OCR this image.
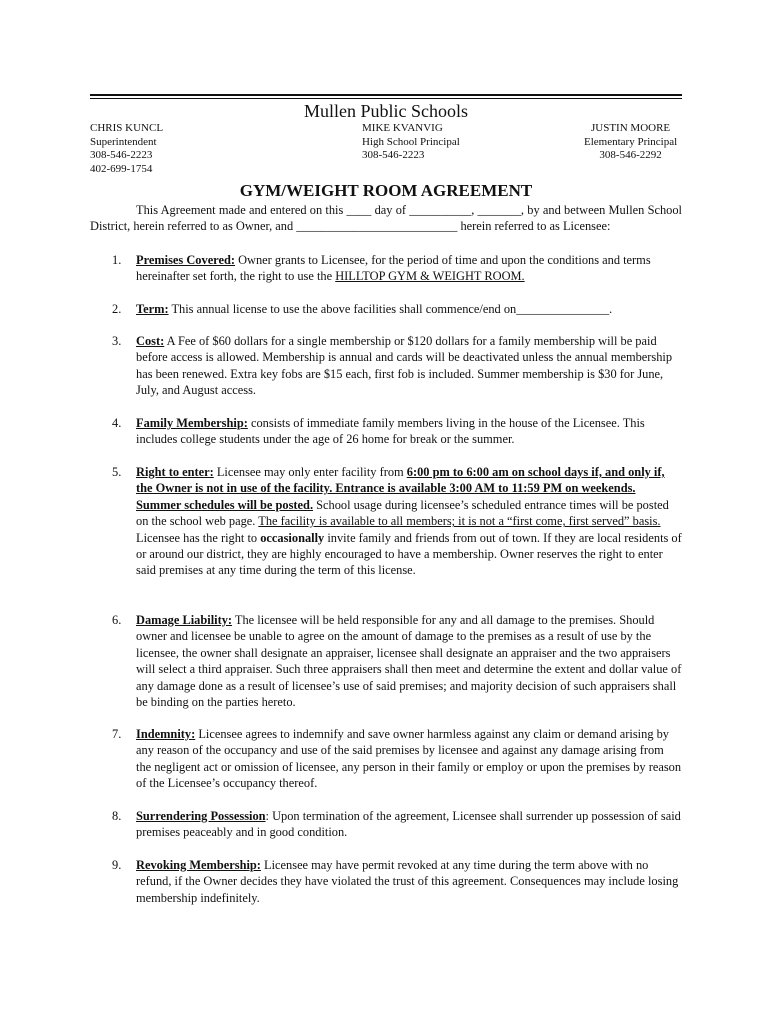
Mullen Public Schools
CHRIS KUNCL
Superintendent
308-546-2223
402-699-1754
MIKE KVANVIG
High School Principal
308-546-2223
JUSTIN MOORE
Elementary Principal
308-546-2292
GYM/WEIGHT ROOM AGREEMENT
This Agreement made and entered on this ____ day of __________, _______, by and between Mullen School District, herein referred to as Owner, and __________________________ herein referred to as Licensee:
1. Premises Covered: Owner grants to Licensee, for the period of time and upon the conditions and terms hereinafter set forth, the right to use the HILLTOP GYM & WEIGHT ROOM.
2. Term: This annual license to use the above facilities shall commence/end on_______________.
3. Cost: A Fee of $60 dollars for a single membership or $120 dollars for a family membership will be paid before access is allowed. Membership is annual and cards will be deactivated unless the annual membership has been renewed. Extra key fobs are $15 each, first fob is included. Summer membership is $30 for June, July, and August access.
4. Family Membership: consists of immediate family members living in the house of the Licensee. This includes college students under the age of 26 home for break or the summer.
5. Right to enter: Licensee may only enter facility from 6:00 pm to 6:00 am on school days if, and only if, the Owner is not in use of the facility. Entrance is available 3:00 AM to 11:59 PM on weekends. Summer schedules will be posted. School usage during licensee’s scheduled entrance times will be posted on the school web page. The facility is available to all members; it is not a “first come, first served” basis. Licensee has the right to occasionally invite family and friends from out of town. If they are local residents of or around our district, they are highly encouraged to have a membership. Owner reserves the right to enter said premises at any time during the term of this license.
6. Damage Liability: The licensee will be held responsible for any and all damage to the premises. Should owner and licensee be unable to agree on the amount of damage to the premises as a result of use by the licensee, the owner shall designate an appraiser, licensee shall designate an appraiser and the two appraisers will select a third appraiser. Such three appraisers shall then meet and determine the extent and dollar value of any damage done as a result of licensee’s use of said premises; and majority decision of such appraisers shall be binding on the parties hereto.
7. Indemnity: Licensee agrees to indemnify and save owner harmless against any claim or demand arising by any reason of the occupancy and use of the said premises by licensee and against any damage arising from the negligent act or omission of licensee, any person in their family or employ or upon the premises by reason of the Licensee’s occupancy thereof.
8. Surrendering Possession: Upon termination of the agreement, Licensee shall surrender up possession of said premises peaceably and in good condition.
9. Revoking Membership: Licensee may have permit revoked at any time during the term above with no refund, if the Owner decides they have violated the trust of this agreement. Consequences may include losing membership indefinitely.
